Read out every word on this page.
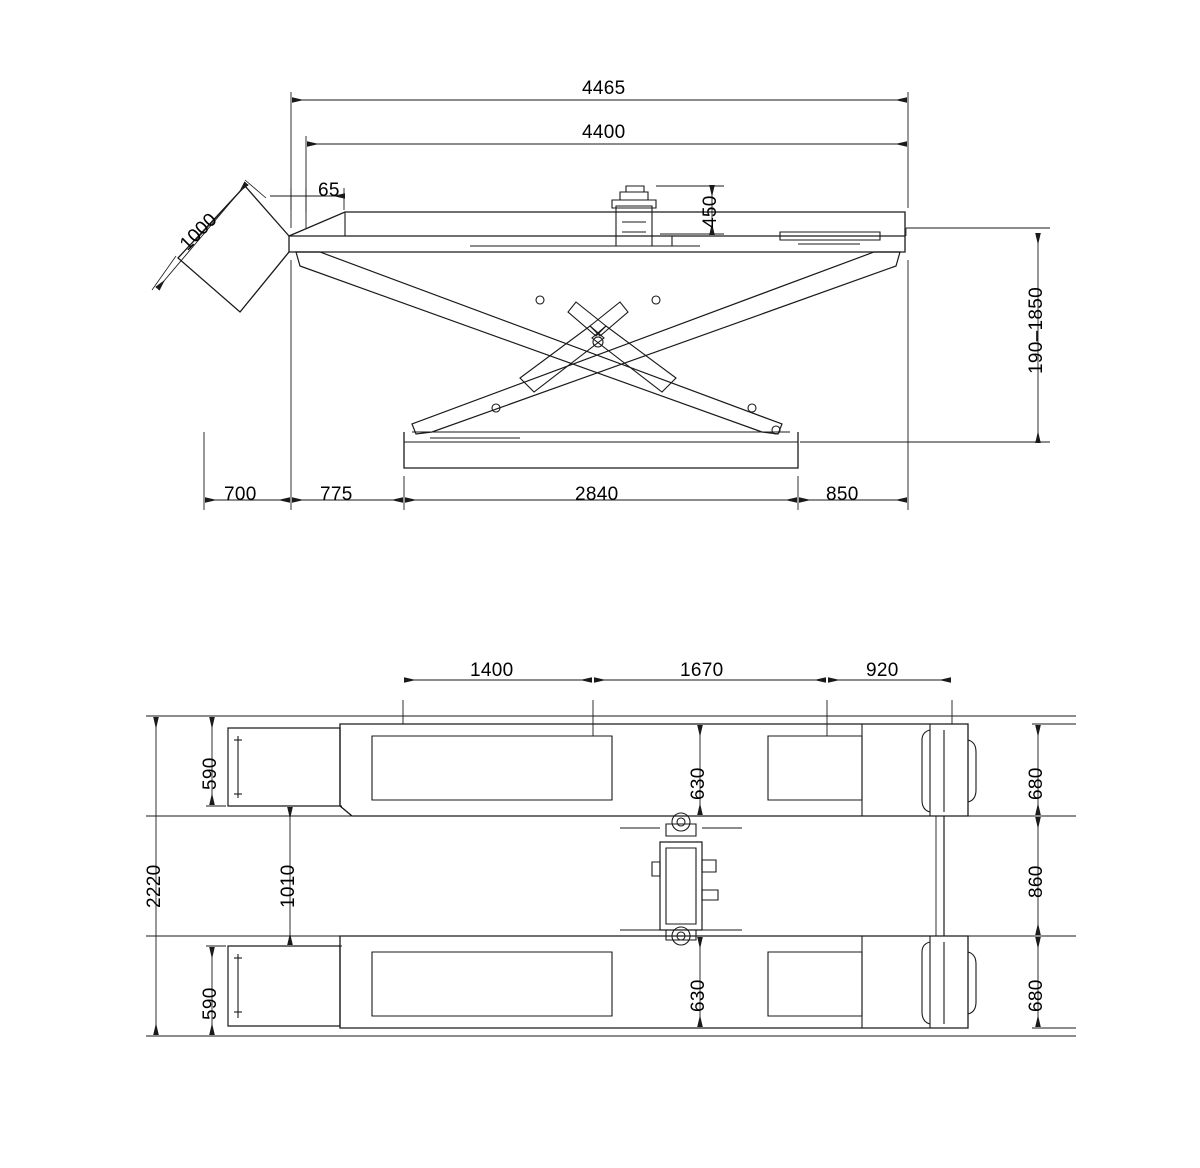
4465
4400
1000
65
450
190–1850
700	775	2840	850
1400	1670	920
2220
590
590
1010
630
630
680
860
680
